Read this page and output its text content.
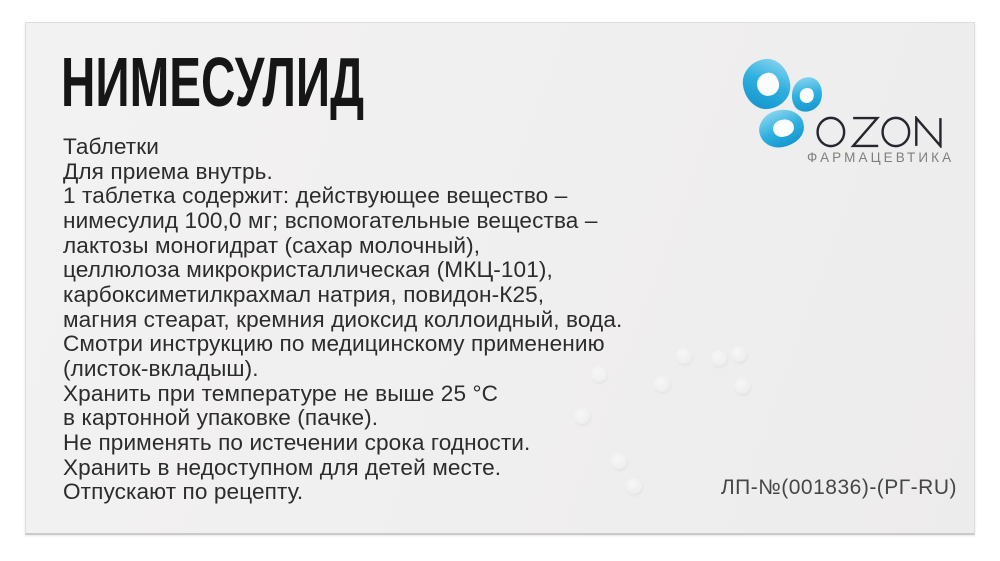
НИМЕСУЛИД
ФАРМАЦЕВТИКА
Таблетки
Для приема внутрь.
1 таблетка содержит: действующее вещество –
нимесулид 100,0 мг; вспомогательные вещества –
лактозы моногидрат (сахар молочный),
целлюлоза микрокристаллическая (МКЦ-101),
карбоксиметилкрахмал натрия, повидон-К25,
магния стеарат, кремния диоксид коллоидный, вода.
Смотри инструкцию по медицинскому применению
(листок-вкладыш).
Хранить при температуре не выше 25 °С
в картонной упаковке (пачке).
Не применять по истечении срока годности.
Хранить в недоступном для детей месте.
Отпускают по рецепту.	ЛП-№(001836)-(РГ-RU)
